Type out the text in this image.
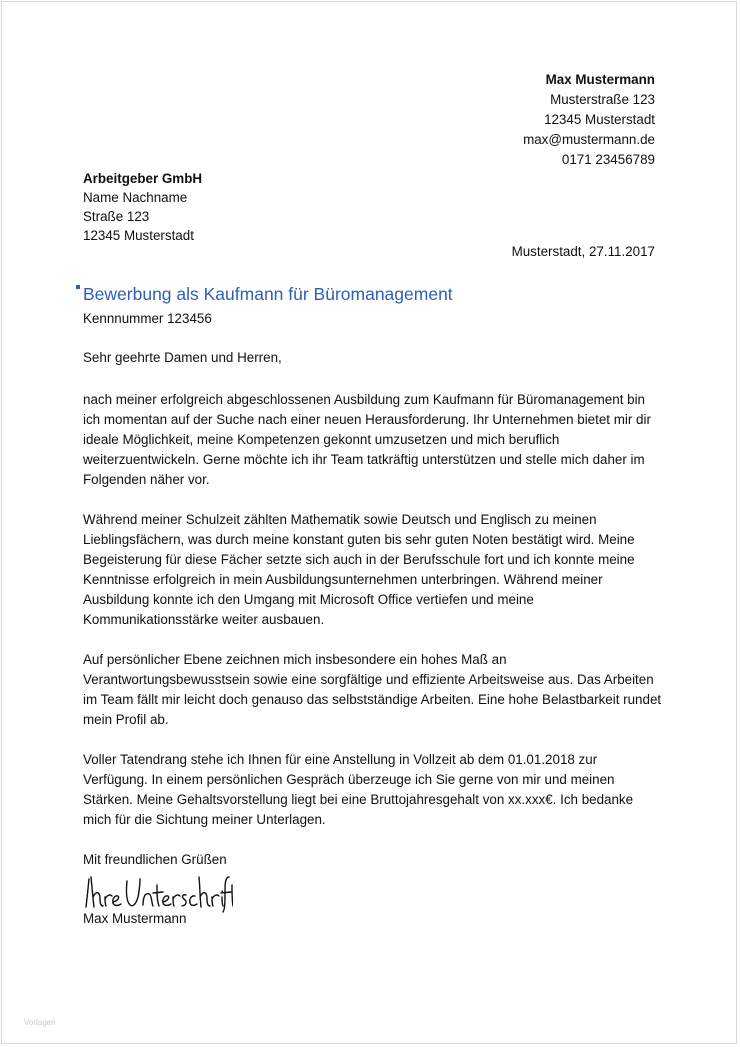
Max Mustermann
Musterstraße 123
12345 Musterstadt
max@mustermann.de
0171 23456789
Arbeitgeber GmbH
Name Nachname
Straße 123
12345 Musterstadt
Musterstadt, 27.11.2017
Bewerbung als Kaufmann für Büromanagement
Kennnummer 123456
Sehr geehrte Damen und Herren,

nach meiner erfolgreich abgeschlossenen Ausbildung zum Kaufmann für Büromanagement bin ich momentan auf der Suche nach einer neuen Herausforderung. Ihr Unternehmen bietet mir dir ideale Möglichkeit, meine Kompetenzen gekonnt umzusetzen und mich beruflich weiterzuentwickeln. Gerne möchte ich ihr Team tatkräftig unterstützen und stelle mich daher im Folgenden näher vor.

Während meiner Schulzeit zählten Mathematik sowie Deutsch und Englisch zu meinen Lieblingsfächern, was durch meine konstant guten bis sehr guten Noten bestätigt wird. Meine Begeisterung für diese Fächer setzte sich auch in der Berufsschule fort und ich konnte meine Kenntnisse erfolgreich in mein Ausbildungsunternehmen unterbringen. Während meiner Ausbildung konnte ich den Umgang mit Microsoft Office vertiefen und meine Kommunikationsstärke weiter ausbauen.

Auf persönlicher Ebene zeichnen mich insbesondere ein hohes Maß an Verantwortungsbewusstsein sowie eine sorgfältige und effiziente Arbeitsweise aus. Das Arbeiten im Team fällt mir leicht doch genauso das selbstständige Arbeiten. Eine hohe Belastbarkeit rundet mein Profil ab.

Voller Tatendrang stehe ich Ihnen für eine Anstellung in Vollzeit ab dem 01.01.2018 zur Verfügung. In einem persönlichen Gespräch überzeuge ich Sie gerne von mir und meinen Stärken. Meine Gehaltsvorstellung liegt bei eine Bruttojahresgehalt von xx.xxx€. Ich bedanke mich für die Sichtung meiner Unterlagen.

Mit freundlichen Grüßen
Max Mustermann
Vorlagen
